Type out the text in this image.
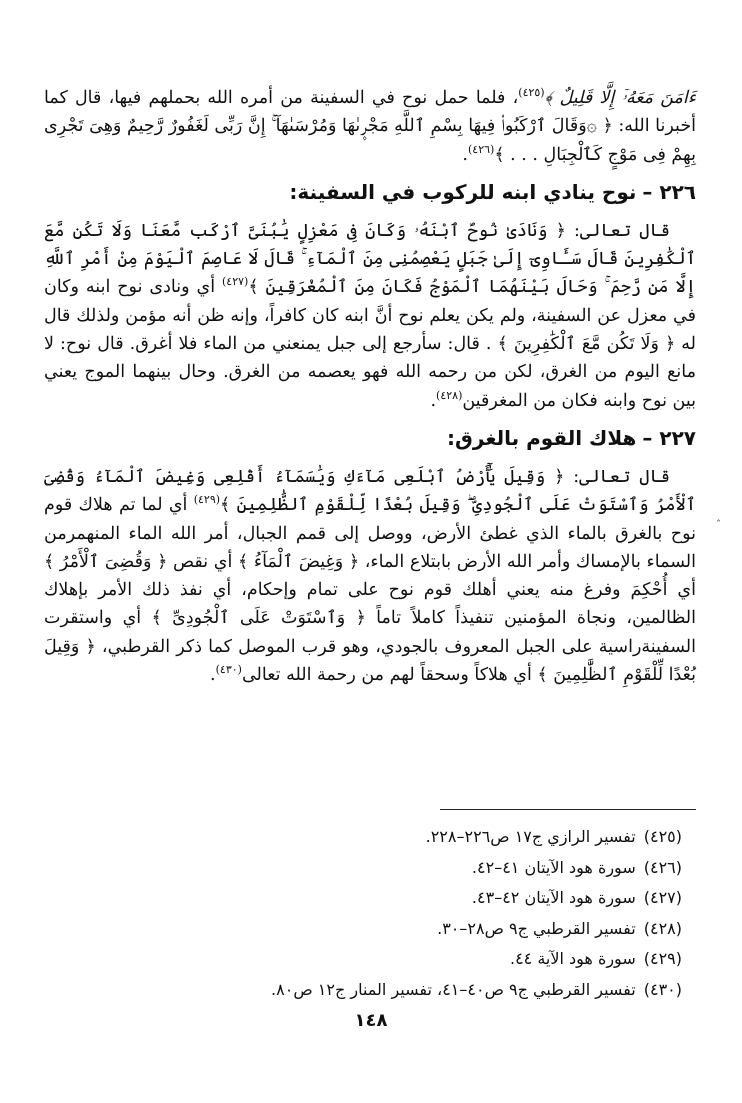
ءَامَنَ مَعَهُۥٓ إِلَّا قَلِيلٌ ﴾$^{(٤٢٥)}$، فلما حمل نوح في السفينة من أمره الله بحملهم فيها، قال كما أخبرنا الله: ﴿ ۞وَقَالَ ٱرْكَبُوا۟ فِيهَا بِسْمِ ٱللَّهِ مَجْر۪ىٰهَا وَمُرْسَىٰهَآ ۚ إِنَّ رَبِّى لَغَفُورٌ رَّحِيمٌ وَهِىَ تَجْرِى بِهِمْ فِى مَوْجٍ كَٱلْجِبَالِ . . . ﴾$^{(٤٢٦)}$.

٢٢٦ –نوح ينادي ابنه للركوب في السفينة:

قال تعالى: ﴿ وَنَادَىٰ نُوحٌ ٱبْنَهُۥ وَكَانَ فِى مَعْزِلٍ يَٰبُنَىَّ ٱرْكَب مَّعَنَا وَلَا تَكُن مَّعَ ٱلْكَٰفِرِينَ قَالَ سَـَٔاوِىٓ إِلَىٰ جَبَلٍ يَعْصِمُنِى مِنَ ٱلْمَآءِ ۚ قَالَ لَا عَاصِمَ ٱلْيَوْمَ مِنْ أَمْرِ ٱللَّهِ إِلَّا مَن رَّحِمَ ۚ وَحَالَ بَيْنَهُمَا ٱلْمَوْجُ فَكَانَ مِنَ ٱلْمُغْرَقِينَ ﴾$^{(٤٢٧)}$ أي ونادى نوح ابنه وكان في معزل عن السفينة، ولم يكن يعلم نوح أنَّ ابنه كان كافراً، وإنه ظن أنه مؤمن ولذلك قال له ﴿ وَلَا تَكُن مَّعَ ٱلْكَٰفِرِينَ ﴾ . قال: سأرجع إلى جبل يمنعني من الماء فلا أغرق. قال نوح: لا مانع اليوم من الغرق، لكن من رحمه الله فهو يعصمه من الغرق. وحال بينهما الموج يعني بين نوح وابنه فكان من المغرقين$^{(٤٢٨)}$.

٢٢٧ –هلاك القوم بالغرق:

قال تعالى: ﴿ وَقِيلَ يَٰٓأَرْضُ ٱبْلَعِى مَآءَكِ وَيَٰسَمَآءُ أَقْلِعِى وَغِيضَ ٱلْمَآءُ وَقُضِىَ ٱلْأَمْرُ وَٱسْتَوَتْ عَلَى ٱلْجُودِىِّ ۖ وَقِيلَ بُعْدًا لِّلْقَوْمِ ٱلظَّٰلِمِينَ ﴾$^{(٤٢٩)}$ أي لما تم هلاك قوم نوح بالغرق بالماء الذي غطئ الأرض، ووصل إلى قمم الجبال، أمر الله الماء المنهمرمن السماء بالإمساك وأمر الله الأرض بابتلاع الماء، ﴿ وَغِيضَ ٱلْمَآءُ ﴾ أي نقص ﴿ وَقُضِىَ ٱلْأَمْرُ ﴾ أي أُحْكِمَ وفرغ منه يعني أهلك قوم نوح على تمام وإحكام، أي نفذ ذلك الأمر بإهلاك الظالمين، ونجاة المؤمنين تنفيذاً كاملاً تاماً ﴿ وَٱسْتَوَتْ عَلَى ٱلْجُودِىِّ ﴾ أي واستقرت السفينةراسية على الجبل المعروف بالجودي، وهو قرب الموصل كما ذكر القرطبي، ﴿ وَقِيلَ بُعْدًا لِّلْقَوْمِ ٱلظَّٰلِمِينَ ﴾ أي هلاكاً وسحقاً لهم من رحمة الله تعالى$^{(٤٣٠)}$.

ˆ

(٤٢٥)تفسير الرازي ج١٧ ص٢٢٦–٢٢٨.

(٤٢٦)سورة هود الآيتان ٤١–٤٢.

(٤٢٧)سورة هود الآيتان ٤٢–٤٣.

(٤٢٨)تفسير القرطبي ج٩ ص٢٨–٣٠.

(٤٢٩)سورة هود الآية ٤٤.

(٤٣٠)تفسير القرطبي ج٩ ص٤٠–٤١، تفسير المنار ج١٢ ص٨٠.

١٤٨
